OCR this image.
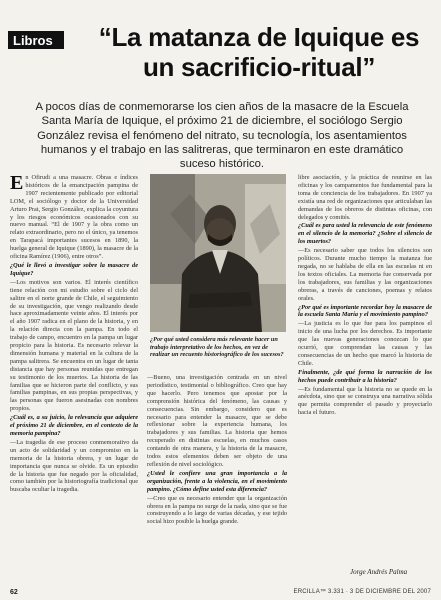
Libros	“La matanza de Iquique es un sacrificio-ritual”

A pocos días de conmemorarse los cien años de la masacre de la Escuela Santa María de Iquique, el próximo 21 de diciembre, el sociólogo Sergio González revisa el fenómeno del nitrato, su tecnología, los asentamientos humanos y el trabajo en las salitreras, que terminaron en este dramático suceso histórico.

En Ofirudi a una masacre. Obras e índices históricos de la emancipación pampina de 1907 recientemente publicado por editorial LOM, el sociólogo y doctor de la Universidad Arturo Prat, Sergio González, explica la coyuntura y los riesgos económicos ocasionados con su nuevo manual. “El de 1907 y la obra como un relato extraordinario, pero no el único, ya tenemos en Tarapacá importantes sucesos en 1890, la huelga general de Iquique (1890), la masacre de la oficina Ramírez (1906), entre otros”.

¿Qué le llevó a investigar sobre la masacre de Iquique?

—Los motivos son varios. El interés científico tiene relación con mi estudio sobre el ciclo del salitre en el norte grande de Chile, el seguimiento de su investigación, que vengo realizando desde hace aproximadamente veinte años. El interés por el año 1907 radica en el plano de la historia, y en la relación directa con la pampa. En todo el trabajo de campo, encuentro en la pampa un lugar propicio para la historia. Es necesario relevar la dimensión humana y material en la cultura de la pampa salitrera. Se encuentra en un lugar de tanta distancia que hay personas reunidas que entregan su testimonio de los muertos. La historia de las familias que se hicieron parte del conflicto, y sus familias pampinas, en sus propias perspectivas, y las personas que fueron asesinadas con nombres propios.

¿Cuál es, a su juicio, la relevancia que adquiere el próximo 21 de diciembre, en el contexto de la memoria pampina?

—La tragedia de ese proceso conmemorativo da un acto de solidaridad y un compromiso en la memoria de la historia obrera, y un lugar de importancia que nunca se olvide. Es un episodio de la historia que fue negado por la oficialidad, como también por la historiografía tradicional que buscaba ocultar la tragedia.

¿Por qué usted considera más relevante hacer un trabajo interpretativo de los hechos, en vez de realizar un recuento historiográfico de los sucesos?

—Bueno, una investigación centrada en un nivel periodístico, testimonial o bibliográfico. Creo que hay que hacerlo. Pero tenemos que apostar por la comprensión histórica del fenómeno, las causas y consecuencias. Sin embargo, considero que es necesario para entender la masacre, que se debe reflexionar sobre la experiencia humana, los trabajadores y sus familias. La historia que hemos recuperado en distintas escuelas, en muchos casos contando de otra manera, y la historia de la masacre, todos estos elementos deben ser objeto de una reflexión de nivel sociológico.

¿Usted le confiere una gran importancia a la organización, frente a la violencia, en el movimiento pampino. ¿Cómo define usted esta diferencia?

—Creo que es necesario entender que la organización obrera en la pampa no surge de la nada, sino que se fue construyendo a lo largo de varias décadas, y ese tejido social hizo posible la huelga grande.

libre asociación, y la práctica de reunirse en las oficinas y los campamentos fue fundamental para la toma de conciencia de los trabajadores. En 1907 ya existía una red de organizaciones que articulaban las demandas de los obreros de distintas oficinas, con delegados y comités.

¿Cuál es para usted la relevancia de este fenómeno en el silencio de la memoria? ¿Sobre el silencio de los muertos?

—Es necesario saber que todos los silencios son políticos. Durante mucho tiempo la matanza fue negada, no se hablaba de ella en las escuelas ni en los textos oficiales. La memoria fue conservada por los trabajadores, sus familias y las organizaciones obreras, a través de canciones, poemas y relatos orales.

¿Por qué es importante recordar hoy la masacre de la escuela Santa María y el movimiento pampino?

—La justicia es lo que fue para los pampinos el inicio de una lucha por los derechos. Es importante que las nuevas generaciones conozcan lo que ocurrió, que comprendan las causas y las consecuencias de un hecho que marcó la historia de Chile.

Finalmente, ¿de qué forma la narración de los hechos puede contribuir a la historia?

—Es fundamental que la historia no se quede en la anécdota, sino que se construya una narrativa sólida que permita comprender el pasado y proyectarlo hacia el futuro.

Jorge Andrés Palma
62	ERCILLA™ 3.331 · 3 DE DICIEMBRE DEL 2007
